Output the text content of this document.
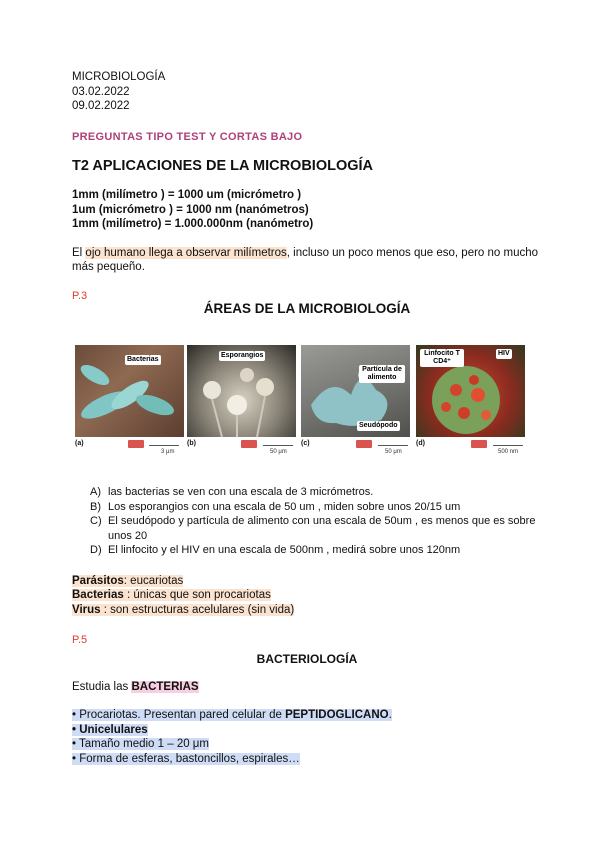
MICROBIOLOGÍA

03.02.2022

09.02.2022

PREGUNTAS TIPO TEST Y CORTAS BAJO

T2 APLICACIONES DE LA MICROBIOLOGÍA

1mm (milímetro ) = 1000 um (micrómetro )

1um (micrómetro ) = 1000 nm (nanómetros)

1mm (milímetro) = 1.000.000nm (nanómetro)

El ojo humano llega a observar milímetros, incluso un poco menos que eso, pero no mucho

más pequeño.

P.3

ÁREAS DE LA MICROBIOLOGÍA

Bacterias
Esporangios
Partícula de alimento
Seudópodo
Linfocito T CD4⁺
HIV
(a)
3 μm
(b)
50 μm
(c)
50 μm
(d)
500 nm
A) las bacterias se ven con una escala de 3 micrómetros.
B) Los esporangios con una escala de 50 um , miden sobre unos 20/15 um
C) El seudópodo y partícula de alimento con una escala de 50um , es menos que es sobre unos 20
D) El linfocito y el HIV en una escala de 500nm , medirá sobre unos 120nm

Parásitos: eucariotas

Bacterias : únicas que son procariotas

Virus : son estructuras acelulares (sin vida)

P.5

BACTERIOLOGÍA

Estudia las BACTERIAS

• Procariotas. Presentan pared celular de PEPTIDOGLICANO.

• Unicelulares

• Tamaño medio 1 – 20 μm

• Forma de esferas, bastoncillos, espirales…
